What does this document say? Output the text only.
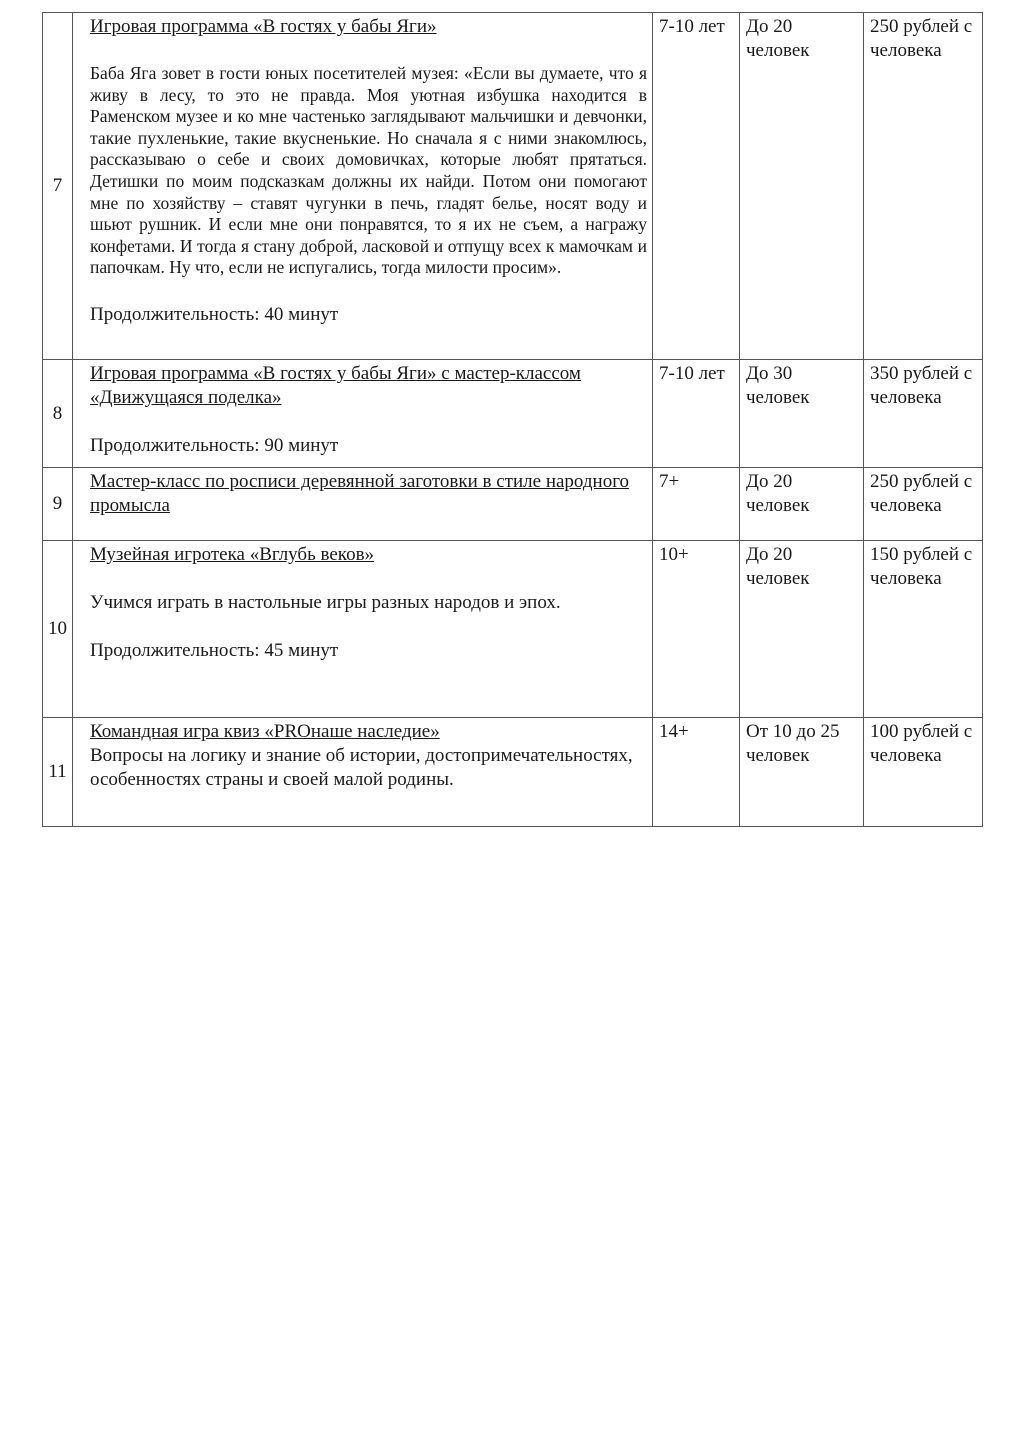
7	Игровая программа «В гостях у бабы Яги»
Баба Яга зовет в гости юных посетителей музея: «Если вы думаете, что я живу в лесу, то это не правда. Моя уютная избушка находится в Раменском музее и ко мне частенько заглядывают мальчишки и девчонки, такие пухленькие, такие вкусненькие. Но сначала я с ними знакомлюсь, рассказываю о себе и своих домовичках, которые любят прятаться. Детишки по моим подсказкам должны их найди. Потом они помогают мне по хозяйству – ставят чугунки в печь, гладят белье, носят воду и шьют рушник. И если мне они понравятся, то я их не съем, а награжу конфетами. И тогда я стану доброй, ласковой и отпущу всех к мамочкам и папочкам. Ну что, если не испугались, тогда милости просим».
Продолжительность: 40 минут	7-10 лет	До 20 человек	250 рублей с человека
8	Игровая программа «В гостях у бабы Яги» с мастер-классом «Движущаяся поделка»
Продолжительность: 90 минут	7-10 лет	До 30 человек	350 рублей с человека
9	Мастер-класс по росписи деревянной заготовки в стиле народного промысла	7+	До 20 человек	250 рублей с человека
10	Музейная игротека «Вглубь веков»
Учимся играть в настольные игры разных народов и эпох.
Продолжительность: 45 минут	10+	До 20 человек	150 рублей с человека
11	Командная игра квиз «PROнаше наследие»
Вопросы на логику и знание об истории, достопримечательностях, особенностях страны и своей малой родины.	14+	От 10 до 25 человек	100 рублей с человека
